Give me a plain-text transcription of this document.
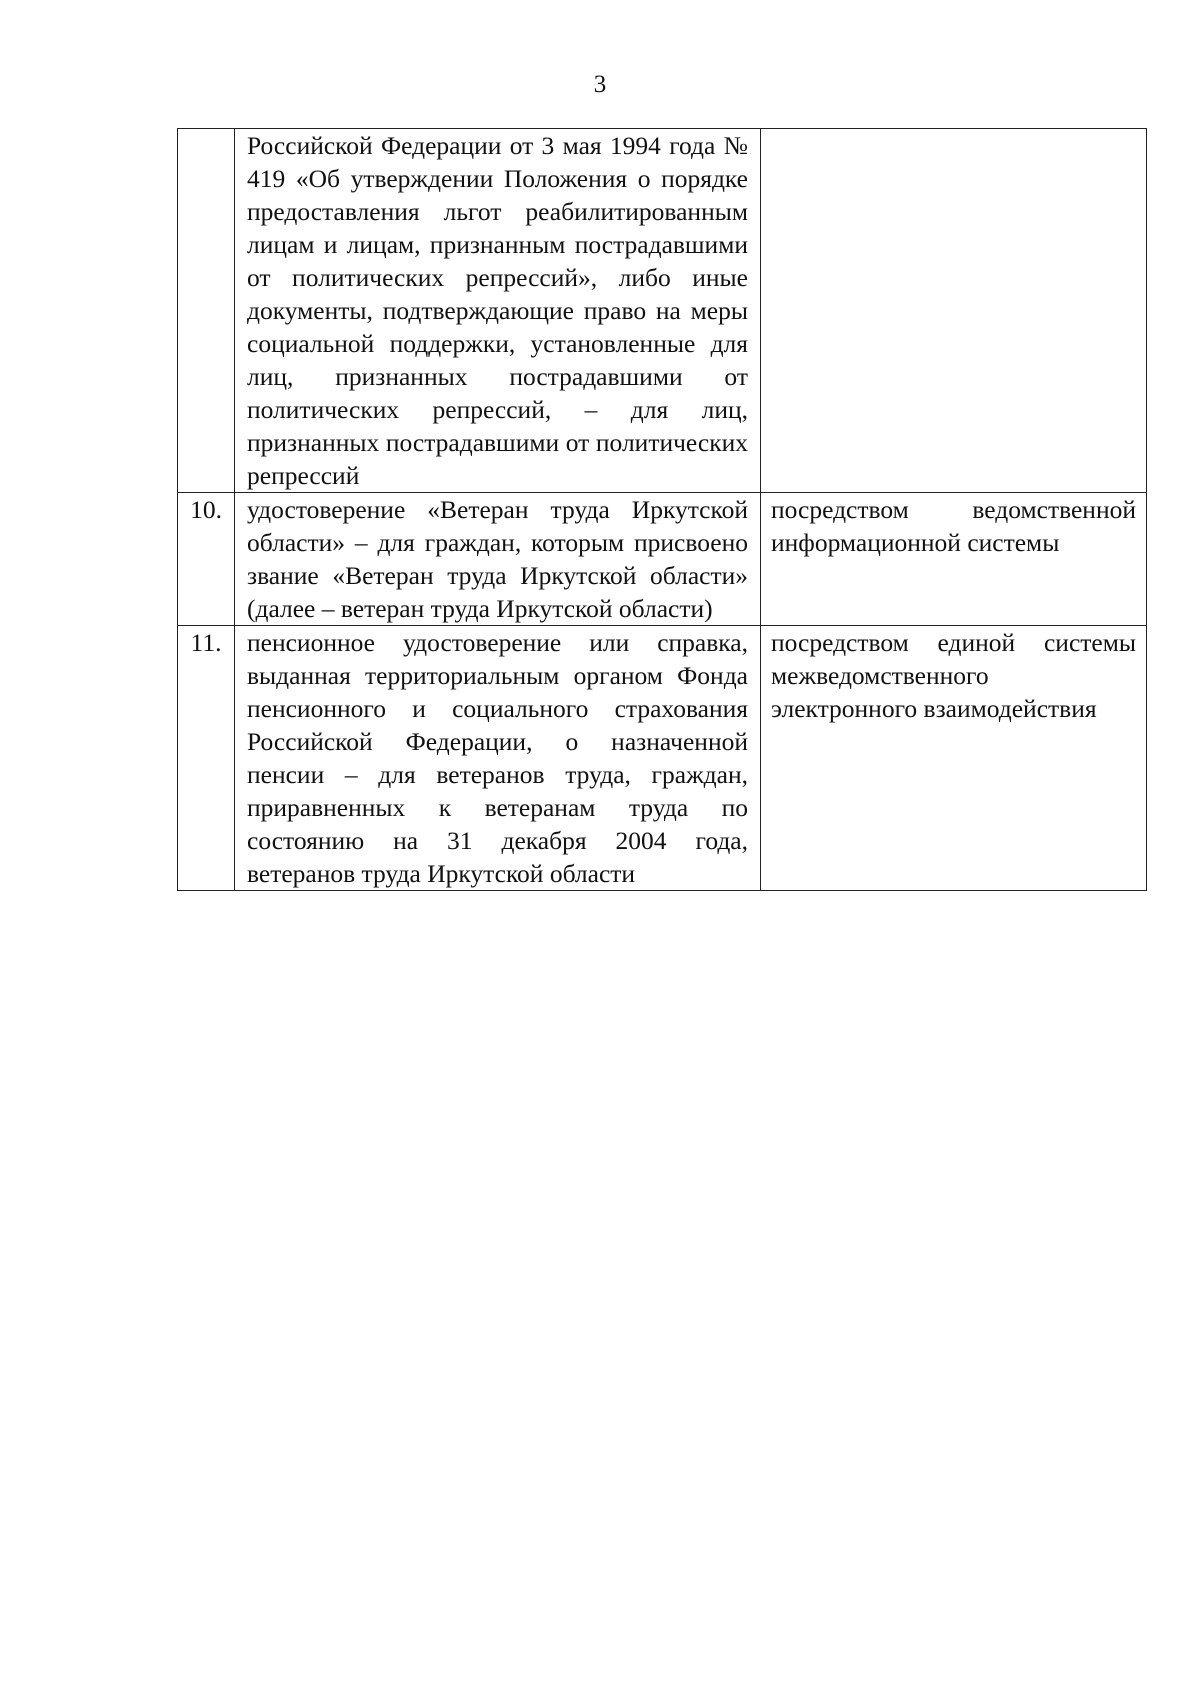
3
	Российской Федерации от 3 мая 1994 года № 419 «Об утверждении Положения о порядке предоставления льгот реабилитированным лицам и лицам, признанным пострадавшими от политических репрессий», либо иные документы, подтверждающие право на меры социальной поддержки, установленные для лиц, признанных пострадавшими от политических репрессий, – для лиц, признанных пострадавшими от политических репрессий	
10.	удостоверение «Ветеран труда Иркутской области» – для граждан, которым присвоено звание «Ветеран труда Иркутской области» (далее – ветеран труда Иркутской области)	посредством ведомственной информационной системы
11.	пенсионное удостоверение или справка, выданная территориальным органом Фонда пенсионного и социального страхования Российской Федерации, о назначенной пенсии – для ветеранов труда, граждан, приравненных к ветеранам труда по состоянию на 31 декабря 2004 года, ветеранов труда Иркутской области	посредством единой системы межведомственного электронного взаимодействия
